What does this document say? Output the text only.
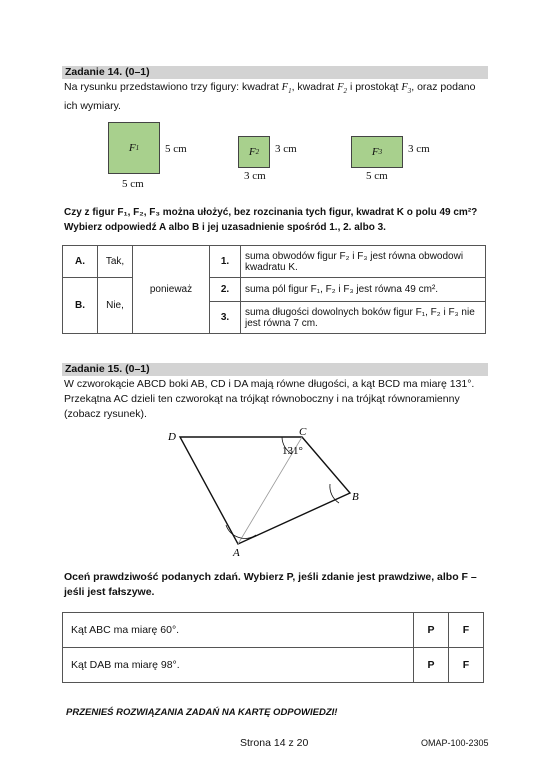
Zadanie 14. (0–1)
Na rysunku przedstawiono trzy figury: kwadrat $F_1$, kwadrat $F_2$ i prostokąt $F_3$, oraz podano
ich wymiary.
F 1 5 cm
5 cm
F 2 3 cm
3 cm
F 3 3 cm
5 cm
Czy z figur F₁, F₂, F₃ można ułożyć, bez rozcinania tych figur, kwadrat K o polu 49 cm²?
Wybierz odpowiedź A albo B i jej uzasadnienie spośród 1., 2. albo 3.
A.	Tak,	ponieważ	1.	suma obwodów figur F₂ i F₃ jest równa obwodowi kwadratu K.
B.	Nie,		2.	suma pól figur F₁, F₂ i F₃ jest równa 49 cm².
			3.	suma długości dowolnych boków figur F₁, F₂ i F₃ nie jest równa 7 cm.
Zadanie 15. (0–1)
W czworokącie ABCD boki AB, CD i DA mają równe długości, a kąt BCD ma miarę 131°.
Przekątna AC dzieli ten czworokąt na trójkąt równoboczny i na trójkąt równoramienny
(zobacz rysunek).
131°
D	C
B
A
Oceń prawdziwość podanych zdań. Wybierz P, jeśli zdanie jest prawdziwe, albo F –
jeśli jest fałszywe.
Kąt ABC ma miarę 60°.	P	F
Kąt DAB ma miarę 98°.	P	F
PRZENIEŚ ROZWIĄZANIA ZADAŃ NA KARTĘ ODPOWIEDZI!
Strona 14 z 20	OMAP-100-2305
